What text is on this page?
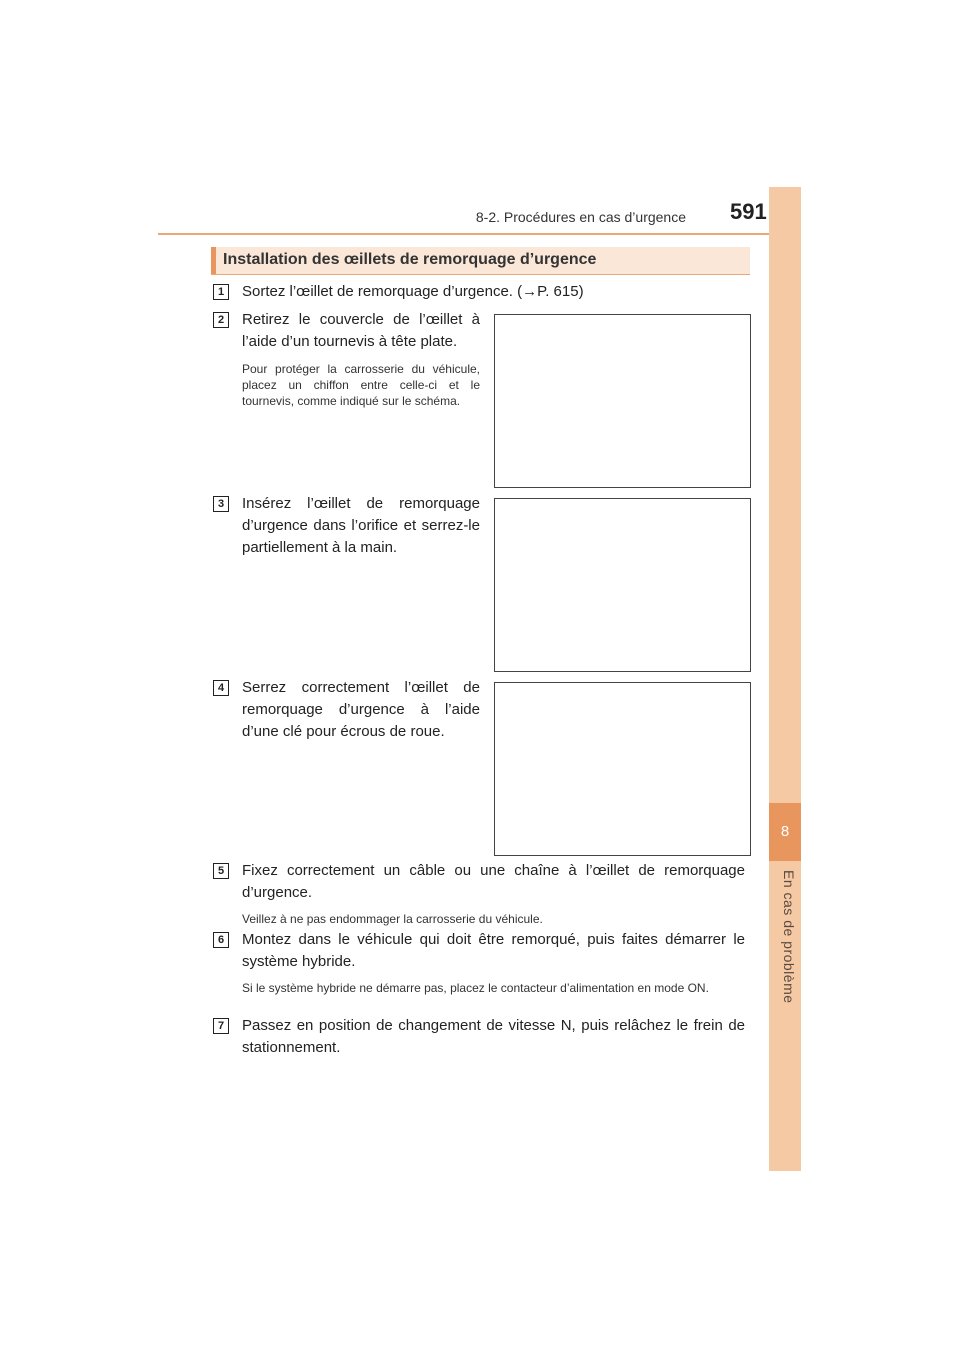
8-2. Procédures en cas d’urgence 591
8
En cas de problème
Installation des œillets de remorquage d’urgence
1	Sortez l’œillet de remorquage d’urgence. (→P. 615)
2	Retirez le couvercle de l’œillet à l’aide d’un tournevis à tête plate.
Pour protéger la carrosserie du véhicule, placez un chiffon entre celle-ci et le tournevis, comme indiqué sur le schéma.
3	Insérez l’œillet de remorquage d’urgence dans l’orifice et serrez-le partiellement à la main.
4	Serrez correctement l’œillet de remorquage d’urgence à l’aide d’une clé pour écrous de roue.
5	Fixez correctement un câble ou une chaîne à l’œillet de remorquage d’urgence.
Veillez à ne pas endommager la carrosserie du véhicule.
6	Montez dans le véhicule qui doit être remorqué, puis faites démarrer le système hybride.
Si le système hybride ne démarre pas, placez le contacteur d’alimentation en mode ON.
7	Passez en position de changement de vitesse N, puis relâchez le frein de stationnement.
